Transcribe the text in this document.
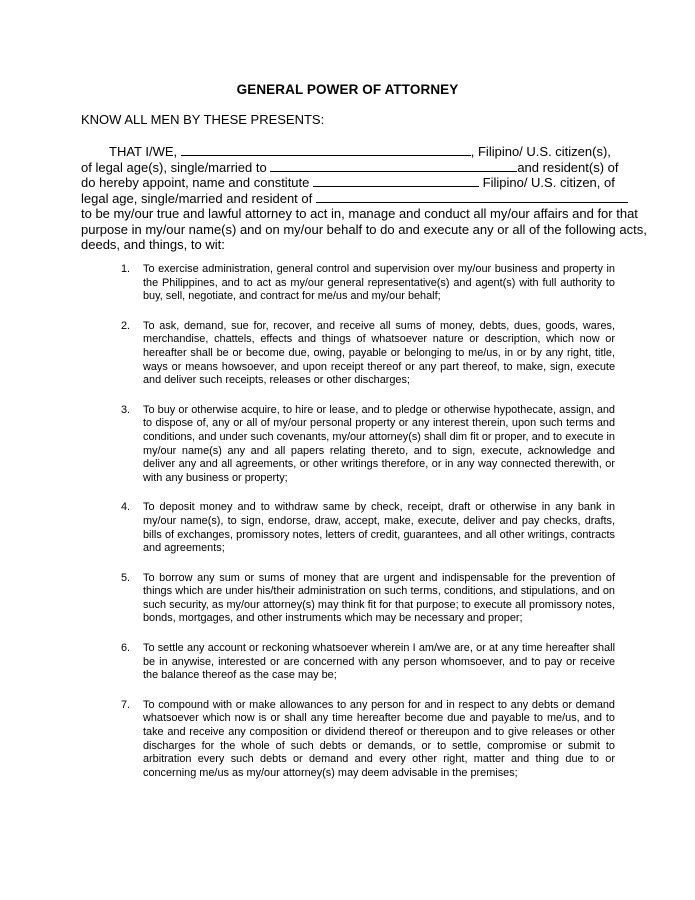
GENERAL POWER OF ATTORNEY
KNOW ALL MEN BY THESE PRESENTS:
THAT I/WE,	, Filipino/ U.S. citizen(s),
of legal age(s), single/married to	and resident(s) of
do hereby appoint, name and constitute	Filipino/ U.S. citizen, of
legal age, single/married and resident of
to be my/our true and lawful attorney to act in, manage and conduct all my/our affairs and for that
purpose in my/our name(s) and on my/our behalf to do and execute any or all of the following acts,
deeds, and things, to wit:
1. To exercise administration, general control and supervision over my/our business and property in the Philippines, and to act as my/our general representative(s) and agent(s) with full authority to buy, sell, negotiate, and contract for me/us and my/our behalf;
2. To ask, demand, sue for, recover, and receive all sums of money, debts, dues, goods, wares, merchandise, chattels, effects and things of whatsoever nature or description, which now or hereafter shall be or become due, owing, payable or belonging to me/us, in or by any right, title, ways or means howsoever, and upon receipt thereof or any part thereof, to make, sign, execute and deliver such receipts, releases or other discharges;
3. To buy or otherwise acquire, to hire or lease, and to pledge or otherwise hypothecate, assign, and to dispose of, any or all of my/our personal property or any interest therein, upon such terms and conditions, and under such covenants, my/our attorney(s) shall dim fit or proper, and to execute in my/our name(s) any and all papers relating thereto, and to sign, execute, acknowledge and deliver any and all agreements, or other writings therefore, or in any way connected therewith, or with any business or property;
4. To deposit money and to withdraw same by check, receipt, draft or otherwise in any bank in my/our name(s), to sign, endorse, draw, accept, make, execute, deliver and pay checks, drafts, bills of exchanges, promissory notes, letters of credit, guarantees, and all other writings, contracts and agreements;
5. To borrow any sum or sums of money that are urgent and indispensable for the prevention of things which are under his/their administration on such terms, conditions, and stipulations, and on such security, as my/our attorney(s) may think fit for that purpose; to execute all promissory notes, bonds, mortgages, and other instruments which may be necessary and proper;
6. To settle any account or reckoning whatsoever wherein I am/we are, or at any time hereafter shall be in anywise, interested or are concerned with any person whomsoever, and to pay or receive the balance thereof as the case may be;
7. To compound with or make allowances to any person for and in respect to any debts or demand whatsoever which now is or shall any time hereafter become due and payable to me/us, and to take and receive any composition or dividend thereof or thereupon and to give releases or other discharges for the whole of such debts or demands, or to settle, compromise or submit to arbitration every such debts or demand and every other right, matter and thing due to or concerning me/us as my/our attorney(s) may deem advisable in the premises;
